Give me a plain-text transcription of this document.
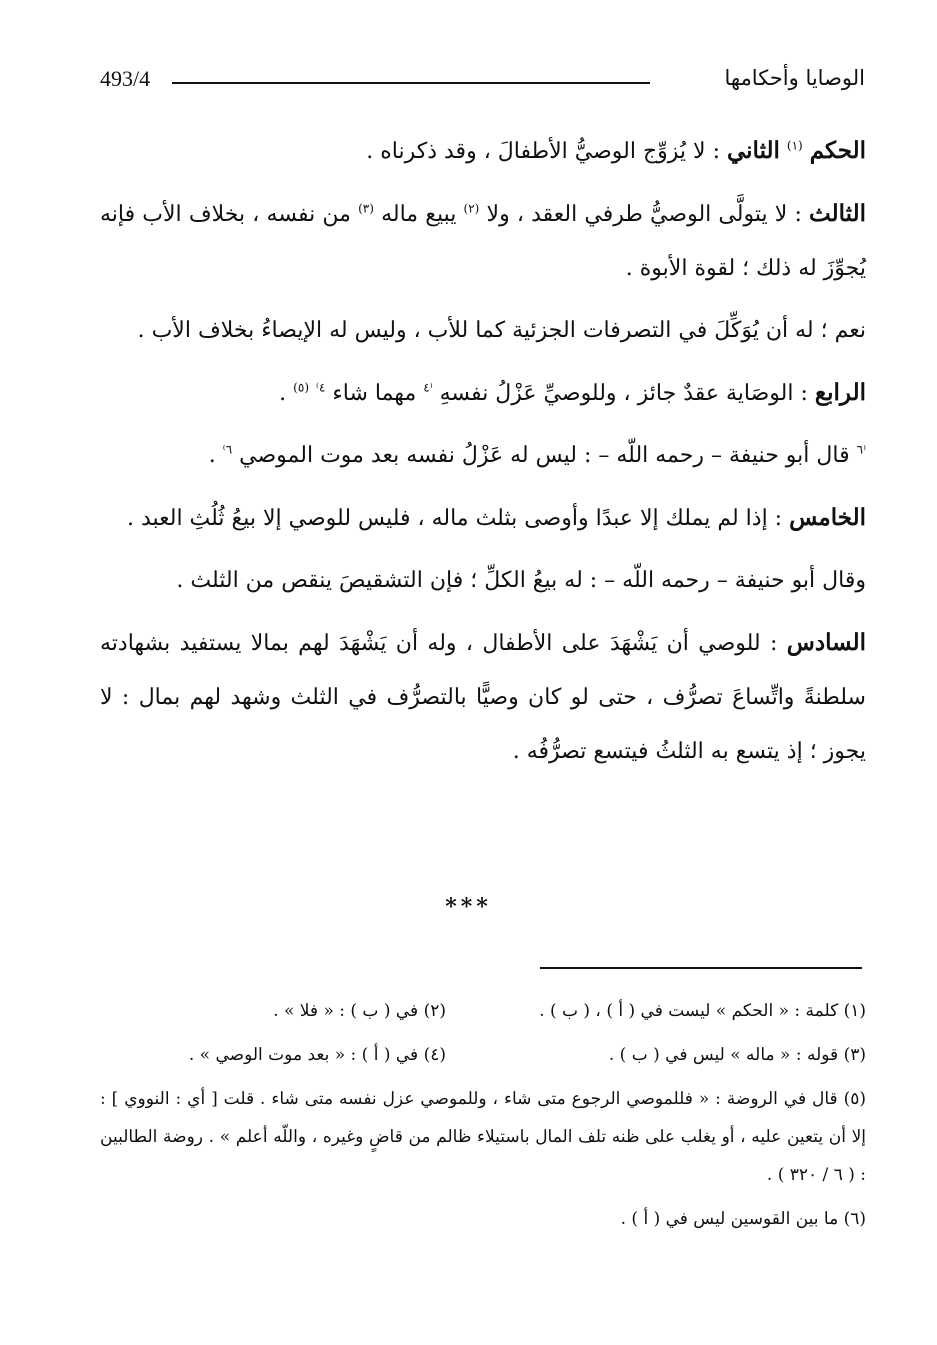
493/4	الوصايا وأحكامها

الحكم $^{(١)}$ الثاني : لا يُزوِّج الوصيُّ الأطفالَ ، وقد ذكرناه .

الثالث : لا يتولَّى الوصيُّ طرفي العقد ، ولا $^{(٢)}$ يبيع ماله $^{(٣)}$ من نفسه ، بخلاف الأب فإنه يُجوِّزَ له ذلك ؛ لقوة الأبوة .

نعم ؛ له أن يُوَكِّلَ في التصرفات الجزئية كما للأب ، وليس له الإيصاءُ بخلاف الأب .

الرابع : الوصَاية عقدٌ جائز ، وللوصيِّ عَزْلُ نفسهِ $^{^(٤}$ مهما شاء $^{٤^)}$ $^{(٥)}$ .

$^{^(٦}$ قال أبو حنيفة – رحمه اللّه – : ليس له عَزْلُ نفسه بعد موت الموصي $^{٦^)}$ .

الخامس : إذا لم يملك إلا عبدًا وأوصى بثلث ماله ، فليس للوصي إلا بيعُ ثُلُثِ العبد .

وقال أبو حنيفة – رحمه اللّه – : له بيعُ الكلِّ ؛ فإن التشقيصَ ينقص من الثلث .

السادس : للوصي أن يَشْهَدَ على الأطفال ، وله أن يَشْهَدَ لهم بمالا يستفيد بشهادته سلطنةً واتِّساعَ تصرُّف ، حتى لو كان وصيًّا بالتصرُّف في الثلث وشهد لهم بمال : لا يجوز ؛ إذ يتسع به الثلثُ فيتسع تصرُّفُه .

***
(١) كلمة : « الحكم » ليست في ( أ ) ، ( ب ) .
(٢) في ( ب ) : « فلا » .
(٣) قوله : « ماله » ليس في ( ب ) .
(٤) في ( أ ) : « بعد موت الوصي » .

(٥) قال في الروضة : « فللموصي الرجوع متى شاء ، وللموصي عزل نفسه متى شاء . قلت [ أي : النووي ] : إلا أن يتعين عليه ، أو يغلب على ظنه تلف المال باستيلاء ظالم من قاضٍ وغيره ، واللّه أعلم » . روضة الطالبين : ( ٦ / ٣٢٠ ) .

(٦) ما بين القوسين ليس في ( أ ) .
